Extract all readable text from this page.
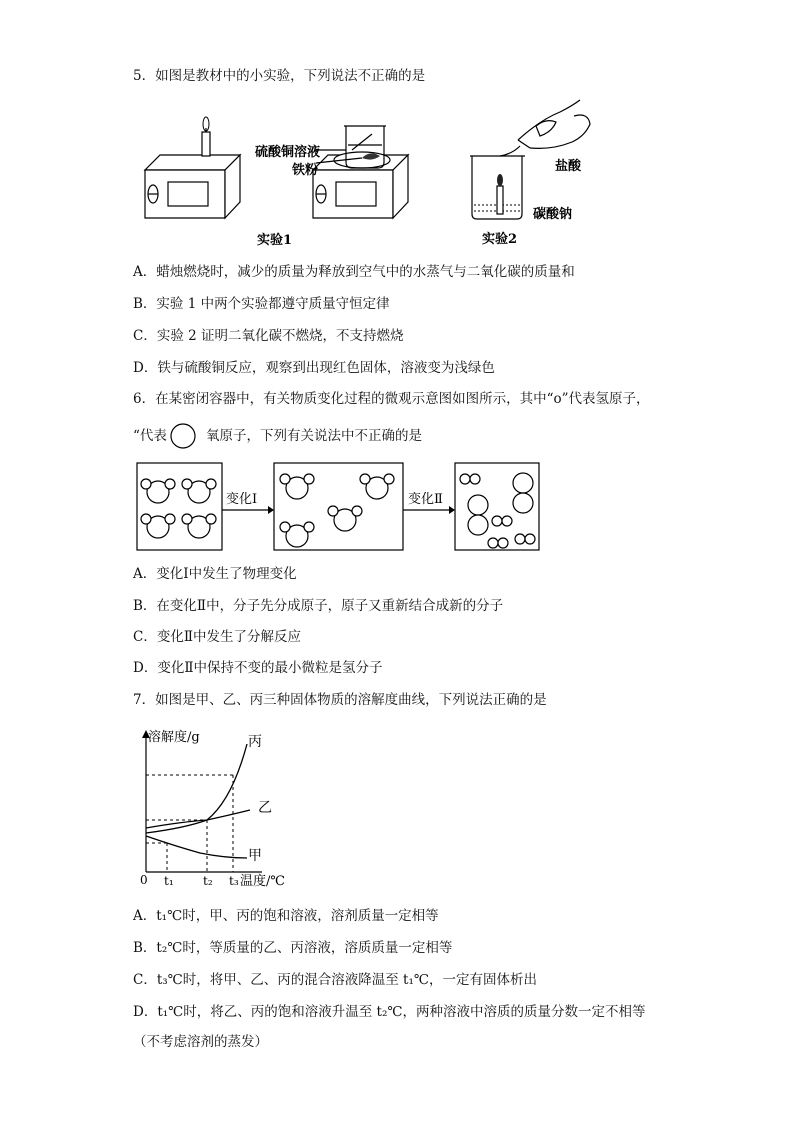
5．如图是教材中的小实验，下列说法不正确的是
硫酸铜溶液
铁粉
实验1
盐酸
碳酸钠
实验2
A．蜡烛燃烧时，减少的质量为释放到空气中的水蒸气与二氧化碳的质量和
B．实验 1 中两个实验都遵守质量守恒定律
C．实验 2 证明二氧化碳不燃烧，不支持燃烧
D．铁与硫酸铜反应，观察到出现红色固体，溶液变为浅绿色
6．在某密闭容器中，有关物质变化过程的微观示意图如图所示，其中“o”代表氢原子，
“代表	氧原子，下列有关说法中不正确的是
变化Ⅰ	变化Ⅱ
A．变化Ⅰ中发生了物理变化
B．在变化Ⅱ中，分子先分成原子，原子又重新结合成新的分子
C．变化Ⅱ中发生了分解反应
D．变化Ⅱ中保持不变的最小微粒是氢分子
7．如图是甲、乙、丙三种固体物质的溶解度曲线，下列说法正确的是
溶解度/g
0 t₁ t₂ t₃ 温度/℃
丙
乙
甲
A．t₁℃时，甲、丙的饱和溶液，溶剂质量一定相等
B．t₂℃时，等质量的乙、丙溶液，溶质质量一定相等
C．t₃℃时，将甲、乙、丙的混合溶液降温至 t₁℃，一定有固体析出
D．t₁℃时，将乙、丙的饱和溶液升温至 t₂℃，两种溶液中溶质的质量分数一定不相等
（不考虑溶剂的蒸发）
